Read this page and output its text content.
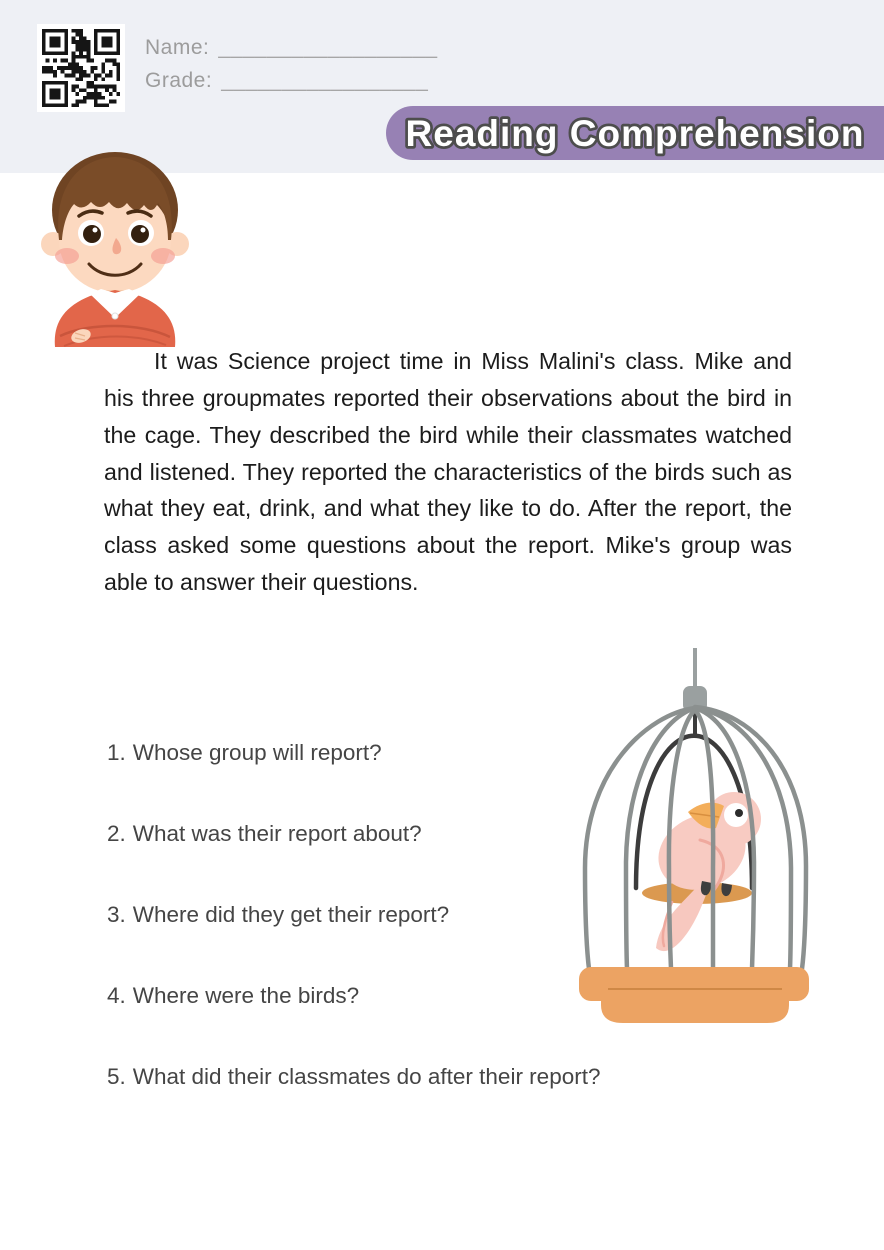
Name: __________________
Grade: _________________
Reading Comprehension

It was Science project time in Miss Malini's class. Mike and his three groupmates reported their observations about the bird in the cage. They described the bird while their classmates watched and listened. They reported the characteristics of the birds such as what they eat, drink, and what they like to do. After the report, the class asked some questions about the report. Mike's group was able to answer their questions.

1. Whose group will report?
2. What was their report about?
3. Where did they get their report?
4. Where were the birds?
5. What did their classmates do after their report?
